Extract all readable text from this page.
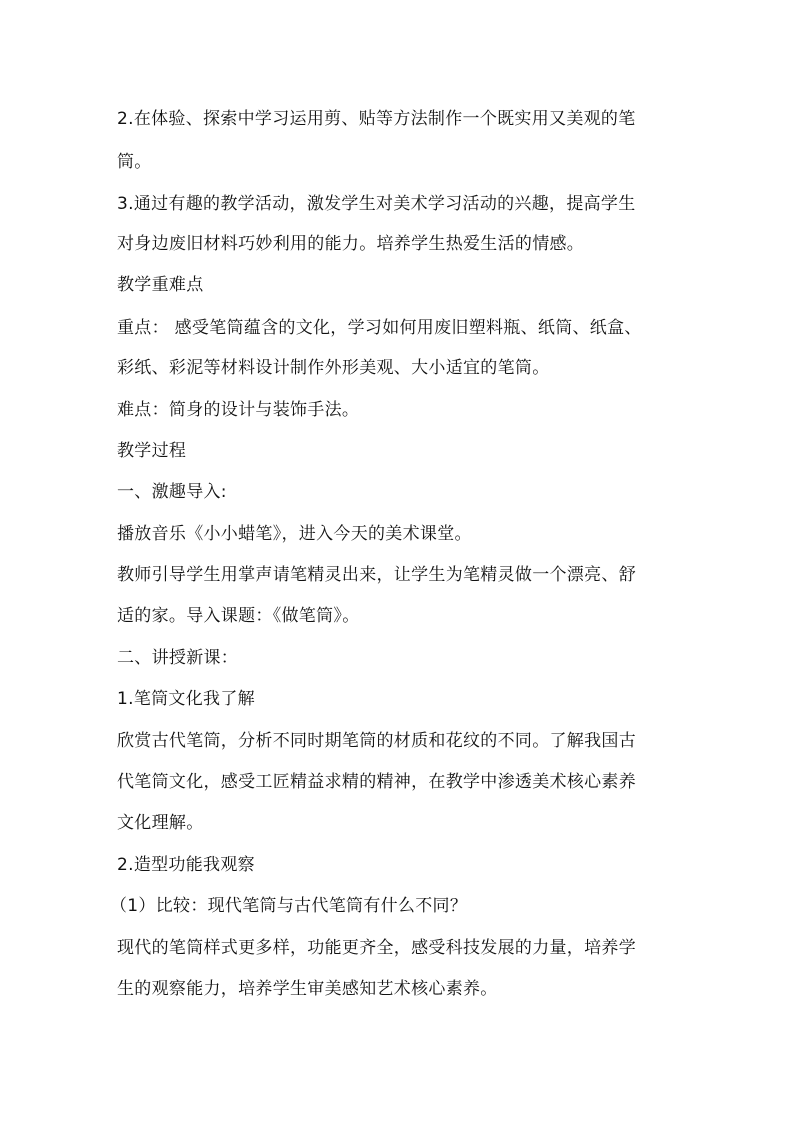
2.在体验、探索中学习运用剪、贴等方法制作一个既实用又美观的笔

筒。

3.通过有趣的教学活动，激发学生对美术学习活动的兴趣，提高学生

对身边废旧材料巧妙利用的能力。培养学生热爱生活的情感。

教学重难点

重点： 感受笔筒蕴含的文化，学习如何用废旧塑料瓶、纸筒、纸盒、

彩纸、彩泥等材料设计制作外形美观、大小适宜的笔筒。

难点：简身的设计与装饰手法。

教学过程

一、激趣导入:

播放音乐《小小蜡笔》，进入今天的美术课堂。

教师引导学生用掌声请笔精灵出来，让学生为笔精灵做一个漂亮、舒

适的家。导入课题：《做笔筒》。

二、讲授新课：

1.笔筒文化我了解

欣赏古代笔筒，分析不同时期笔筒的材质和花纹的不同。了解我国古

代笔筒文化，感受工匠精益求精的精神，在教学中渗透美术核心素养

文化理解。

2.造型功能我观察

（1）比较：现代笔筒与古代笔筒有什么不同？

现代的笔筒样式更多样，功能更齐全，感受科技发展的力量，培养学

生的观察能力，培养学生审美感知艺术核心素养。
